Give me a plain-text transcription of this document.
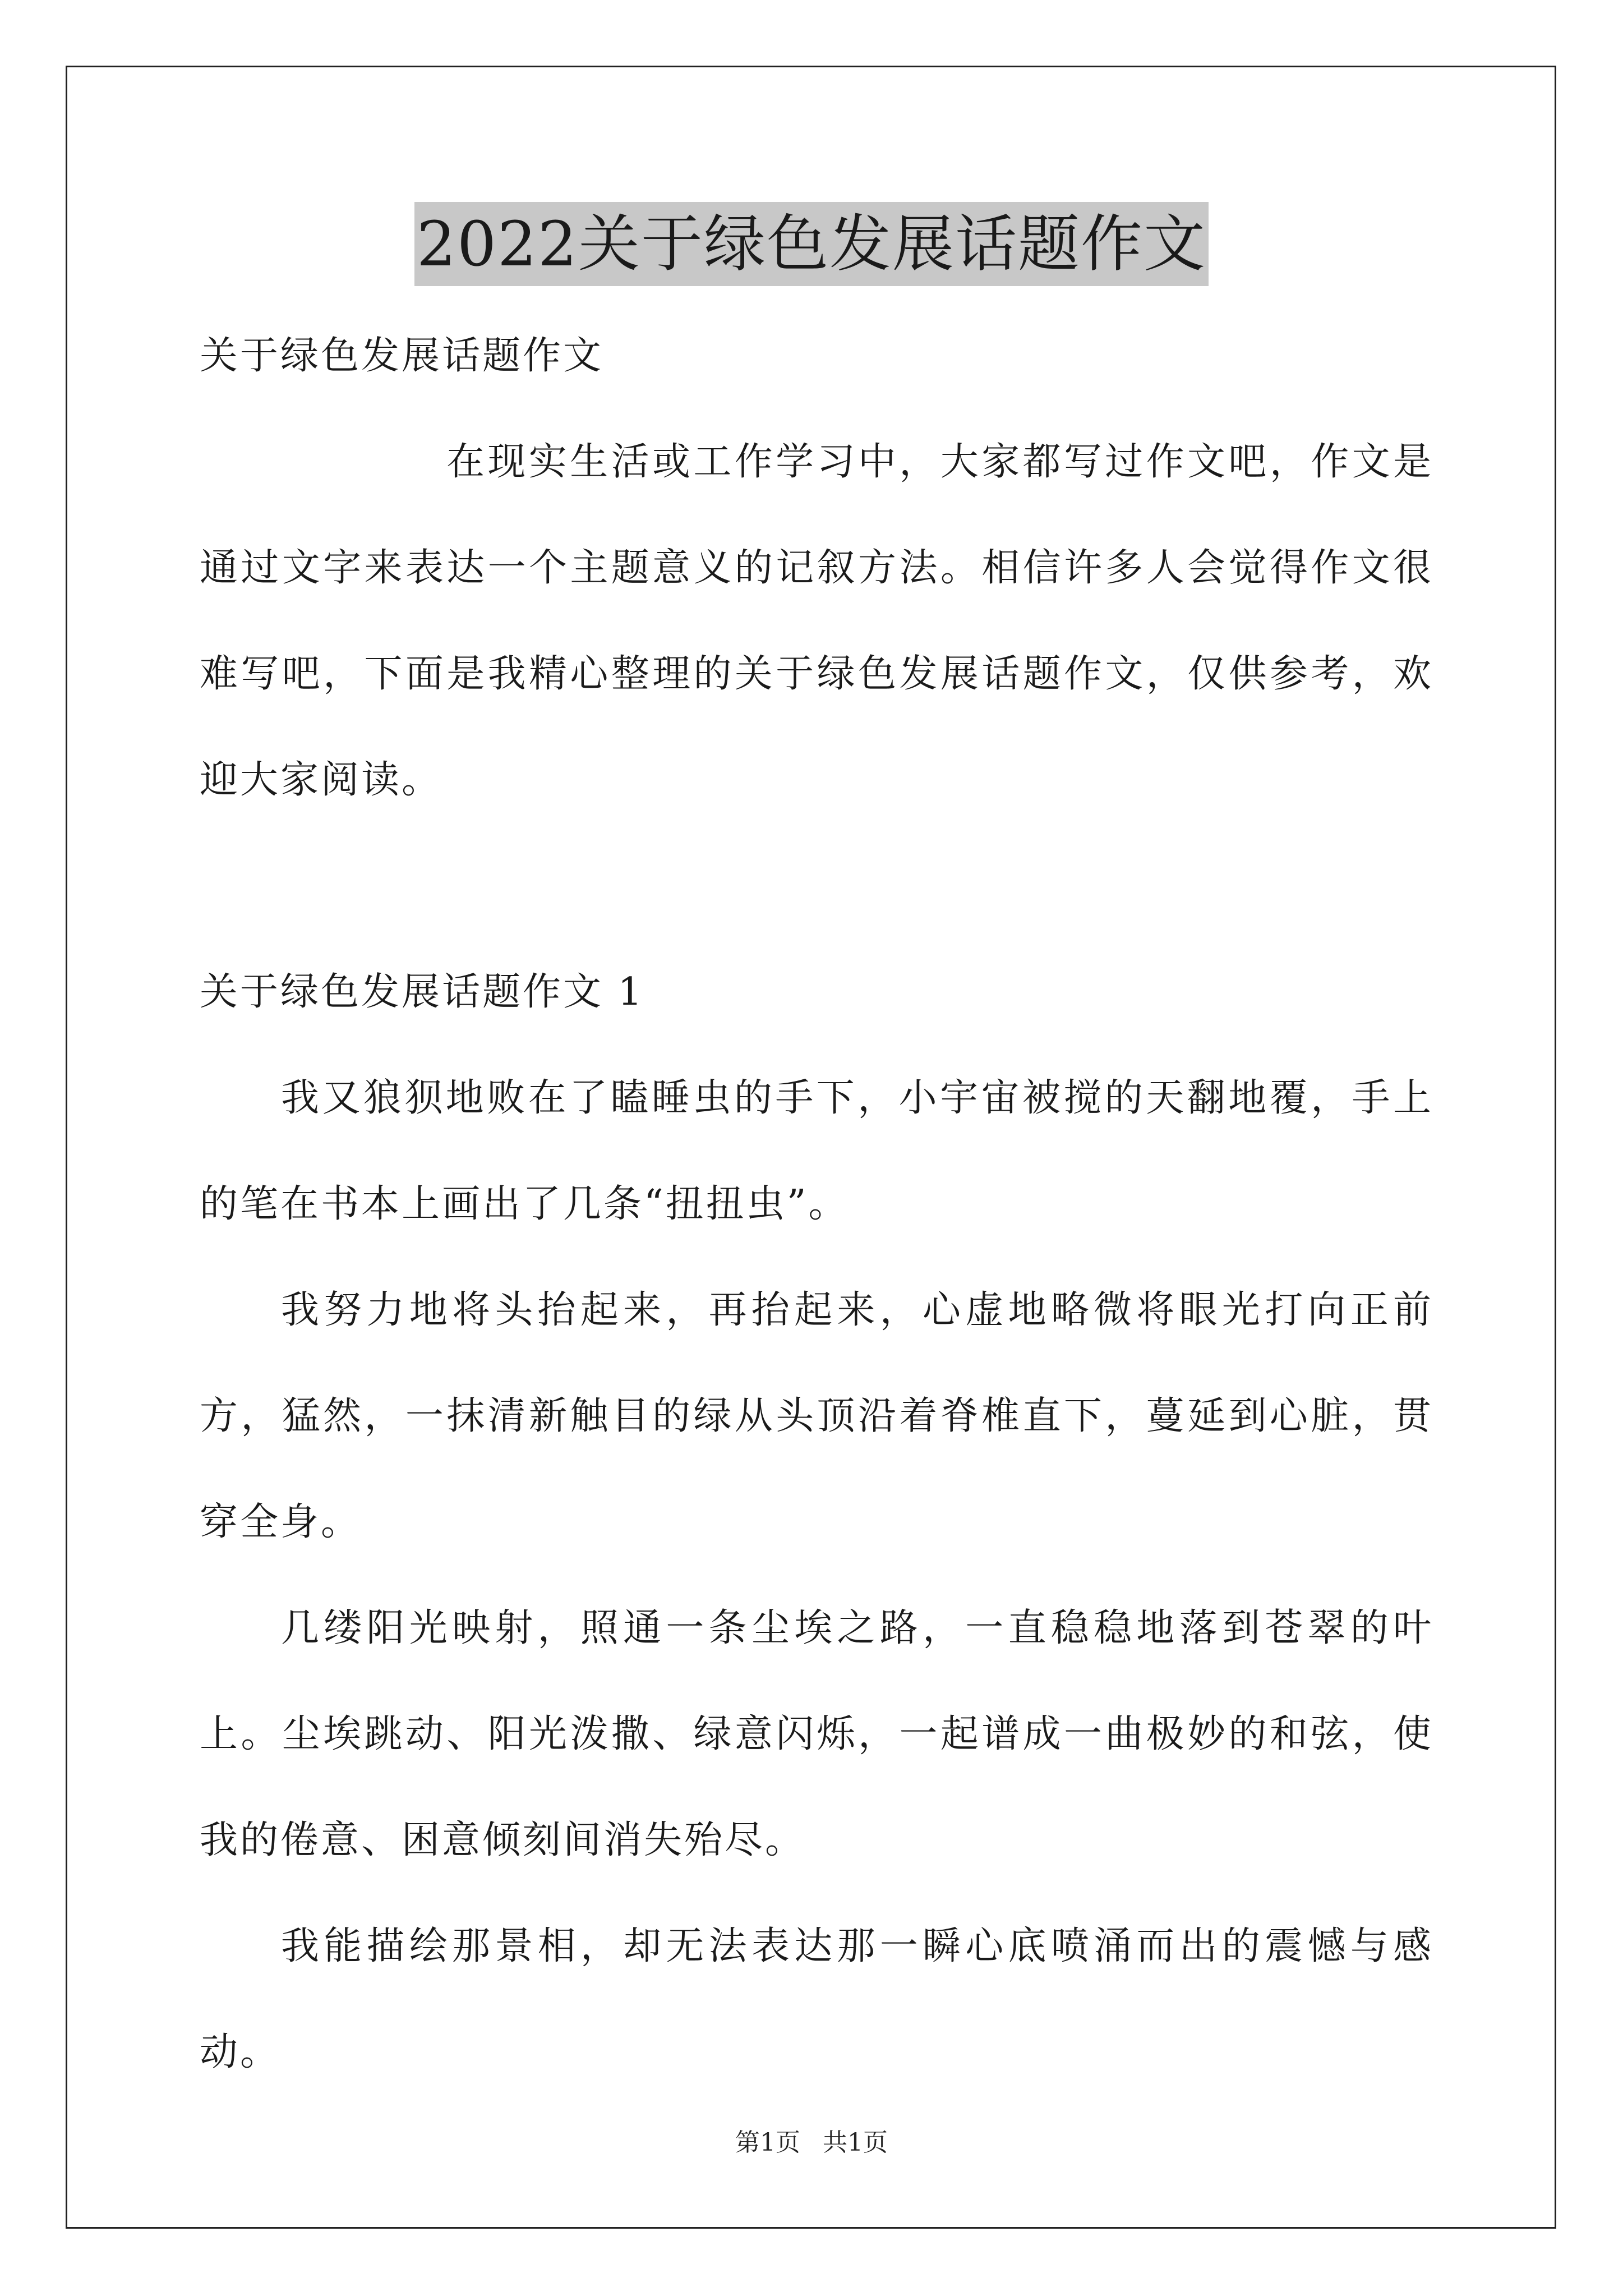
2022关于绿色发展话题作文

关于绿色发展话题作文

在现实生活或工作学习中，大家都写过作文吧，作文是通过文字来表达一个主题意义的记叙方法。相信许多人会觉得作文很难写吧，下面是我精心整理的关于绿色发展话题作文，仅供参考，欢迎大家阅读。

关于绿色发展话题作文 1

我又狼狈地败在了瞌睡虫的手下，小宇宙被搅的天翻地覆，手上的笔在书本上画出了几条“扭扭虫”。

我努力地将头抬起来，再抬起来，心虚地略微将眼光打向正前方，猛然，一抹清新触目的绿从头顶沿着脊椎直下，蔓延到心脏，贯穿全身。

几缕阳光映射，照通一条尘埃之路，一直稳稳地落到苍翠的叶上。尘埃跳动、阳光泼撒、绿意闪烁，一起谱成一曲极妙的和弦，使我的倦意、困意倾刻间消失殆尽。

我能描绘那景相，却无法表达那一瞬心底喷涌而出的震憾与感动。

第1页 共1页
